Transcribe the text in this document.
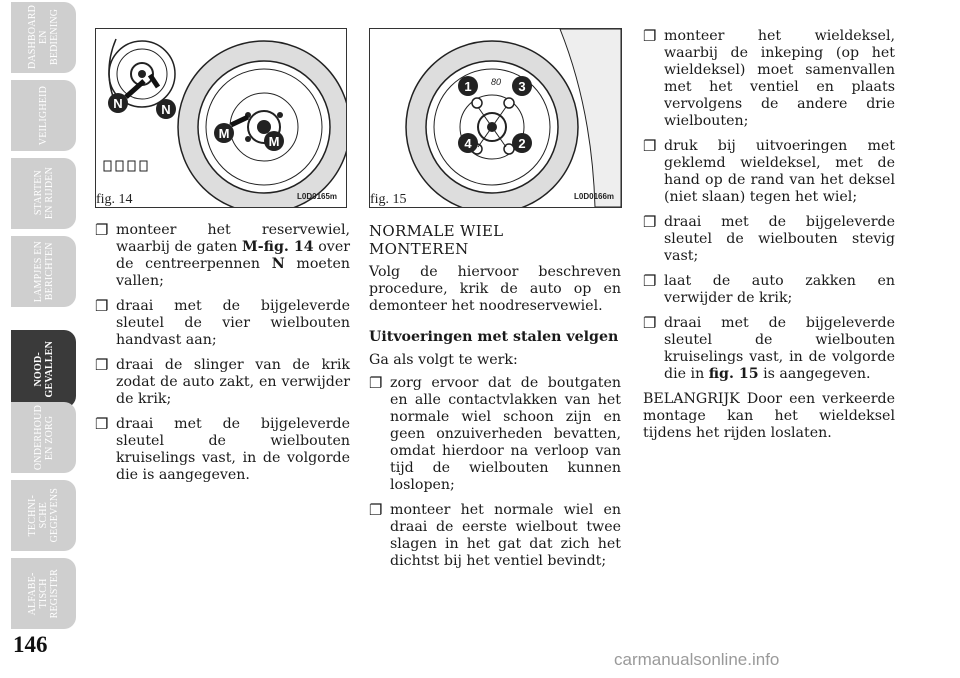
DASHBOARD
EN
BEDIENING
VEILIGHEID
STARTEN
EN RIJDEN
LAMPJES EN
BERICHTEN
NOOD-
GEVALLEN
ONDERHOUD
EN ZORG
TECHNI-
SCHE
GEGEVENS
ALFABE-
TISCH
REGISTER
146
N	N
M
M
fig. 14	L0D0165m
1
2
3
4
80
fig. 15	L0D0166m
❐ monteer het reservewiel, waarbij de gaten M-fig. 14 over de centreerpennen N moeten vallen;
❐ draai met de bijgeleverde sleutel de vier wielbouten handvast aan;
❐ draai de slinger van de krik zodat de auto zakt, en verwijder de krik;
❐ draai met de bijgeleverde sleutel de wielbouten kruiselings vast, in de volgorde die is aangegeven.
NORMALE WIEL
MONTEREN
Volg de hiervoor beschreven procedure, krik de auto op en demonteer het noodreservewiel.
Uitvoeringen met stalen velgen
Ga als volgt te werk:
❐ zorg ervoor dat de boutgaten en alle contactvlakken van het normale wiel schoon zijn en geen onzuiverheden bevatten, omdat hierdoor na verloop van tijd de wielbouten kunnen loslopen;
❐ monteer het normale wiel en draai de eerste wielbout twee slagen in het gat dat zich het dichtst bij het ventiel bevindt;
❐ monteer het wieldeksel, waarbij de inkeping (op het wieldeksel) moet samenvallen met het ventiel en plaats vervolgens de andere drie wielbouten;
❐ druk bij uitvoeringen met geklemd wieldeksel, met de hand op de rand van het deksel (niet slaan) tegen het wiel;
❐ draai met de bijgeleverde sleutel de wielbouten stevig vast;
❐ laat de auto zakken en verwijder de krik;
❐ draai met de bijgeleverde sleutel de wielbouten kruiselings vast, in de volgorde die in fig. 15 is aangegeven.
BELANGRIJK Door een verkeerde montage kan het wieldeksel tijdens het rijden loslaten.
carmanualsonline.info
